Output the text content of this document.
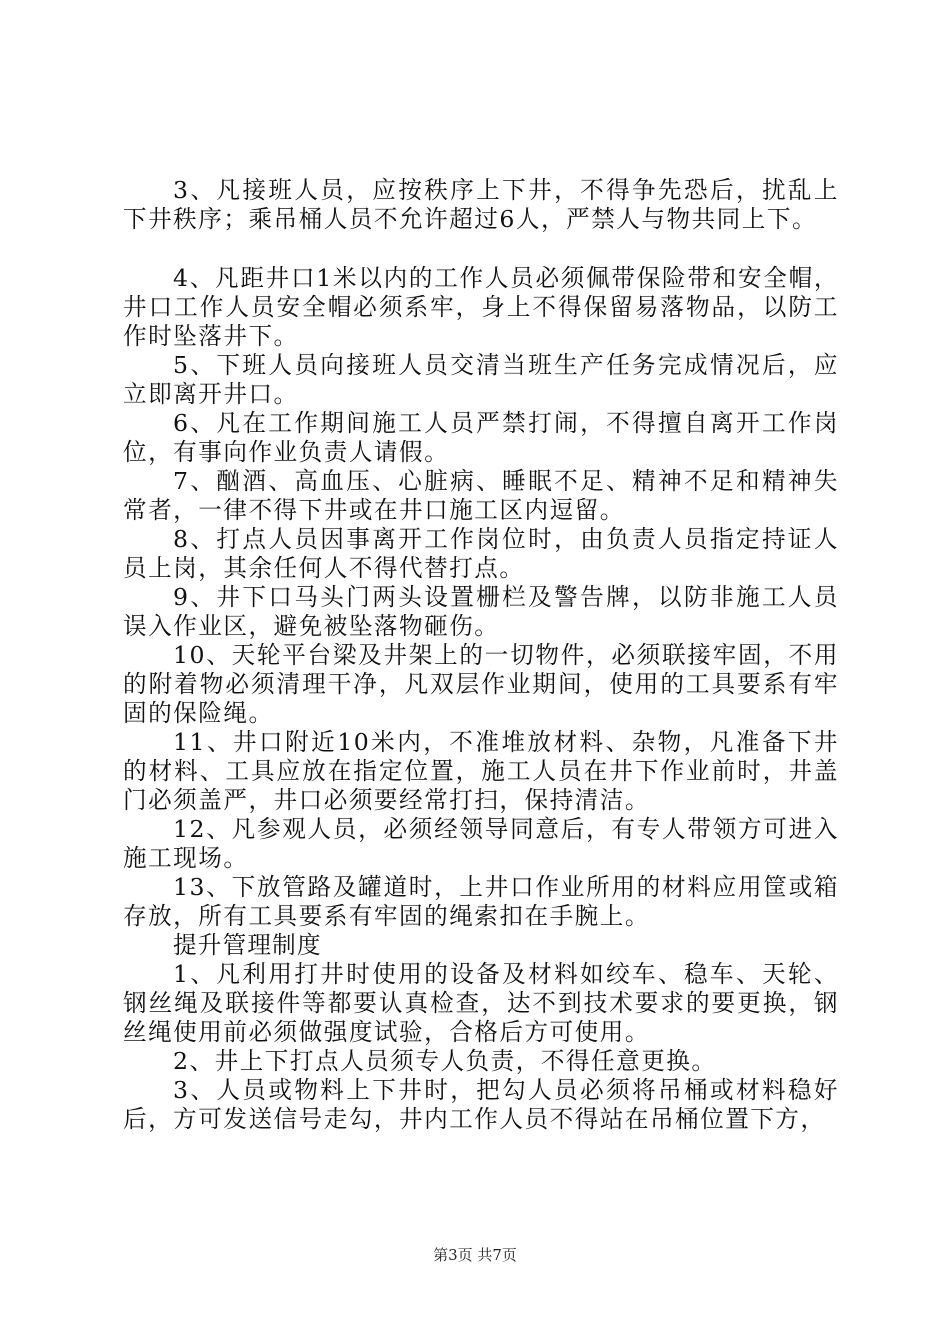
3、凡接班人员，应按秩序上下井，不得争先恐后，扰乱上下井秩序；乘吊桶人员不允许超过6人，严禁人与物共同上下。

4、凡距井口1米以内的工作人员必须佩带保险带和安全帽，井口工作人员安全帽必须系牢，身上不得保留易落物品，以防工作时坠落井下。

5、下班人员向接班人员交清当班生产任务完成情况后，应立即离开井口。

6、凡在工作期间施工人员严禁打闹，不得擅自离开工作岗位，有事向作业负责人请假。

7、酗酒、高血压、心脏病、睡眠不足、精神不足和精神失常者，一律不得下井或在井口施工区内逗留。

8、打点人员因事离开工作岗位时，由负责人员指定持证人员上岗，其余任何人不得代替打点。

9、井下口马头门两头设置栅栏及警告牌，以防非施工人员误入作业区，避免被坠落物砸伤。

10、天轮平台梁及井架上的一切物件，必须联接牢固，不用的附着物必须清理干净，凡双层作业期间，使用的工具要系有牢固的保险绳。

11、井口附近10米内，不准堆放材料、杂物，凡准备下井的材料、工具应放在指定位置，施工人员在井下作业前时，井盖门必须盖严，井口必须要经常打扫，保持清洁。

12、凡参观人员，必须经领导同意后，有专人带领方可进入施工现场。

13、下放管路及罐道时，上井口作业所用的材料应用筐或箱存放，所有工具要系有牢固的绳索扣在手腕上。

提升管理制度

1、凡利用打井时使用的设备及材料如绞车、稳车、天轮、钢丝绳及联接件等都要认真检查，达不到技术要求的要更换，钢丝绳使用前必须做强度试验，合格后方可使用。

2、井上下打点人员须专人负责，不得任意更换。

3、人员或物料上下井时，把勾人员必须将吊桶或材料稳好后，方可发送信号走勾，井内工作人员不得站在吊桶位置下方，

第3页 共7页
